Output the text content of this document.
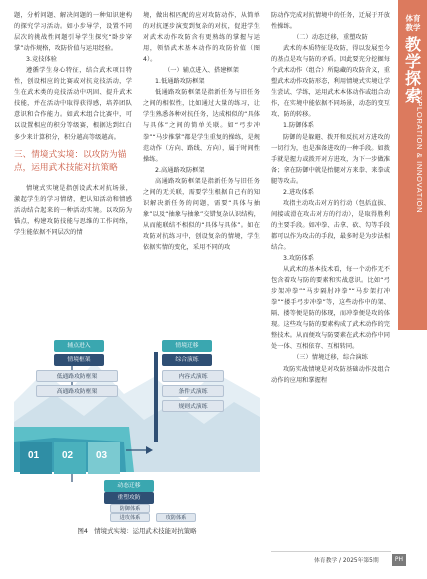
体育教学
教学探索
EXPLORATION & INNOVATION

题，分析问题、解决问题的一种知识建构的探究学习活动。如小步导学，设置不同层次的挑战性问题引导学生探究“卧步穿掌”动作规格，攻防价值与运用经验。

3.竞技体验

遵循学生身心特征，结合武术项目特性，创设相应的比赛或对抗竞技活动，学生在武术类的竞技活动中巩固、提升武术技能，并在活动中取得获得感，培养团队意识和合作能力。如武术组合比赛中，可以设置相应的积分等级赛，根据达到红白多少来计算积分，积分越高等级越高。

三、情境式实境：以攻防为锚点，运用武术技能对抗策略

情境式实境是指创设武术对抗场景，激起学生的学习情绪，把认知活动和情感活动结合起来的一种活动实境。以攻防为锚点，构建攻防技能与思维的工作问络，学生能依据不同层次的情

境，做出相匹配的应对攻防动作，从简单的对抗逐步演变到复杂的对抗，促进学生对武术动作攻防含有更熟练的掌握与运用，领悟武术基本动作的攻防价值（图4）。

（一）辅点进入、搭建框架

1.低通路攻防框架

低通路攻防框架是指新任务与旧任务之间的相似性，比如通过大量的练习，让学生熟悉各种对抗任务，达成相似的“具体与具体”之间的简单关联。如“弓步冲拳”“马步推掌”都是学生重复的操练，是规范动作（方向、路线、方向），属于时间性操练。

2.高通路攻防框架

高通路攻防框架是指新任务与旧任务之间的无关联，需要学生根据自己有的知识解决新任务的问题，需要“具体与抽象”以及“抽象与抽象”交错复杂认识结构，从而能联结不相似的“具体与具体”。如在攻防对抗练习中，创设复杂的情境，学生依据实情的变化，采用不同的攻

防动作完成对抗情境中的任务，迁展于开放性操练。

（二）动态迁移，重塑攻防

武术的本质特征是攻防，得以发展至今的基点是攻与防的矛盾。因此要充分挖掘每个武术动作（组合）所隐藏的攻防含义，重塑武术动作攻防形态，利用情境式实境让学生尝试、学练，运用武术本体动作或组合动作，在实境中能依据不同场景，动态的变互攻、防的转移。

1.防御体系

防御的是躲避、拨开和反抗对方进攻的一切行为，也是准备进攻的一种手段。如拨手就是握力或拨开对方进攻，为下一步做准备；拿在防御中就是抬腿对方来拳、来拳或腿等攻击。

2.进攻体系

攻指主动攻击对方的行动（包括直拔、间接或滑在攻击对方的行动），是取得胜利的主要手段。如冲拳、击拿、砍、勾等手段都可以作为攻击的手段，最多时是为步法相结合。

3.攻防体系

从武术的基本技术看，每一个动作无不包含着攻与防的要素和实战意识。比如“弓步架冲拳”“马步隔肘冲拳”“马步架打冲拳”“搂手弓步冲拳”等，这些动作中的架、隔、搂等便是防的体现，而冲拳便是攻的体现。这些攻与防的要素构成了武术动作的完整技术。从而便攻与防要素在武术动作中同处一体、互相依存、互相转同。

（三）情境迁移，综合演练

攻防实战情境是对攻防基础动作及组合动作的应用和掌握程

辅点进入
情境框架
低通路攻防框架
高通路攻防框架
情境迁移
综合演练
内容式演练
条件式演练
规则式演练
01 02 03
动态迁移
重塑攻防
防御体系
进攻体系	攻防体系
图4　情境式实境：运用武术技能对抗策略
体育教学 / 2025年第5期	PH
